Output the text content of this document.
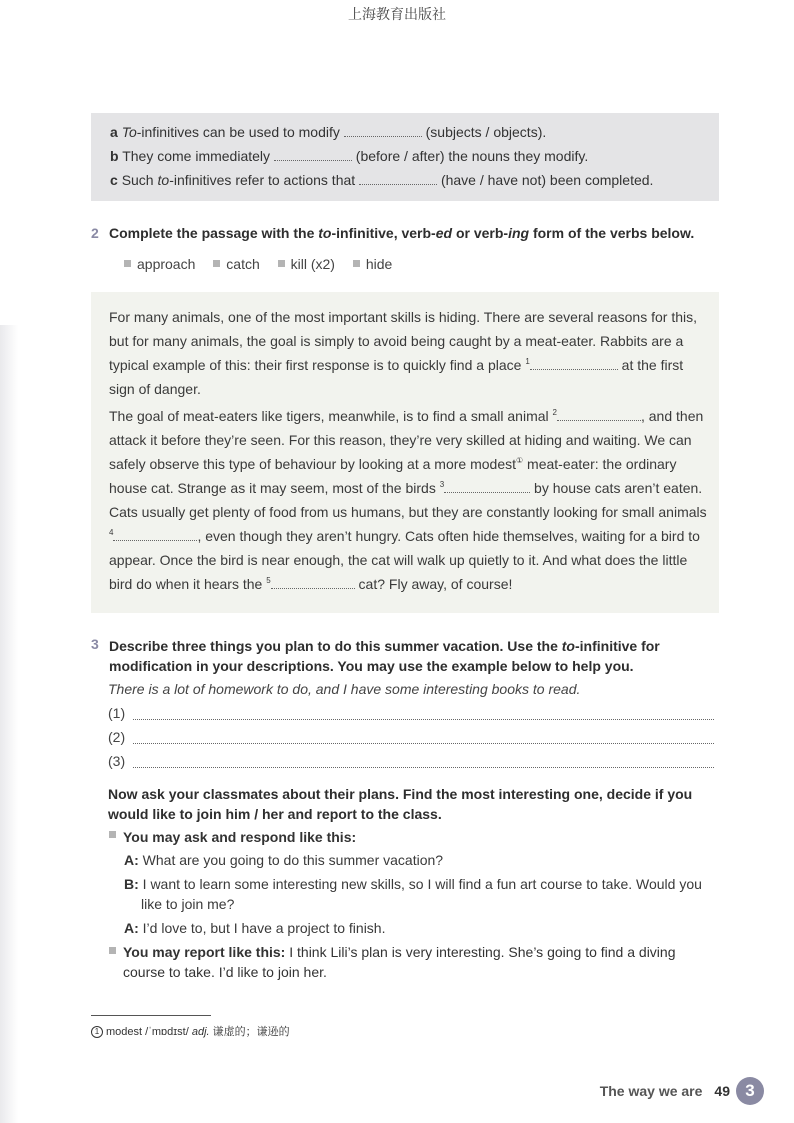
上海教育出版社
a To-infinitives can be used to modify	(subjects / objects).
b They come immediately	(before / after) the nouns they modify.
c Such to-infinitives refer to actions that	(have / have not) been completed.
2 Complete the passage with the to-infinitive, verb-ed or verb-ing form of the verbs below.
approach catch kill (x2) hide

For many animals, one of the most important skills is hiding. There are several reasons for this, but for many animals, the goal is simply to avoid being caught by a meat-eater. Rabbits are a typical example of this: their first response is to quickly find a place $^1$	at the first sign of danger.

The goal of meat-eaters like tigers, meanwhile, is to find a small animal $^2$	, and then attack it before they’re seen. For this reason, they’re very skilled at hiding and waiting. We can safely observe this type of behaviour by looking at a more modest① meat-eater: the ordinary house cat. Strange as it may seem, most of the birds $^3$	by house cats aren’t eaten. Cats usually get plenty of food from us humans, but they are constantly looking for small animals $^4$	, even though they aren’t hungry. Cats often hide themselves, waiting for a bird to appear. Once the bird is near enough, the cat will walk up quietly to it. And what does the little bird do when it hears the $^5$	cat? Fly away, of course!

3 Describe three things you plan to do this summer vacation. Use the to-infinitive for modification in your descriptions. You may use the example below to help you.
There is a lot of homework to do, and I have some interesting books to read.
(1)
(2)
(3)
Now ask your classmates about their plans. Find the most interesting one, decide if you would like to join him / her and report to the class.
You may ask and respond like this:
A: What are you going to do this summer vacation?
B: I want to learn some interesting new skills, so I will find a fun art course to take. Would you
like to join me?
A: I’d love to, but I have a project to finish.
You may report like this: I think Lili’s plan is very interesting. She’s going to find a diving
course to take. I’d like to join her.
1 modest /ˈmɒdɪst/ adj. 谦虚的；谦逊的
The way we are 49 3
